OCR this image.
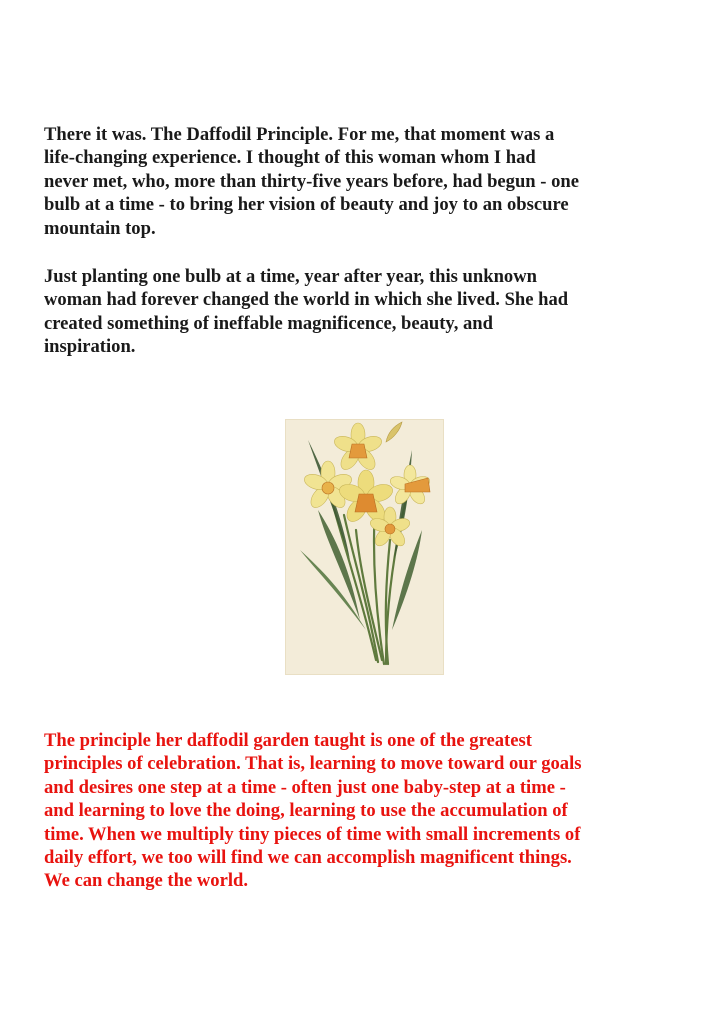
There it was. The Daffodil Principle. For me, that moment was a
life-changing experience. I thought of this woman whom I had
never met, who, more than thirty-five years before, had begun - one
bulb at a time - to bring her vision of beauty and joy to an obscure
mountain top.

Just planting one bulb at a time, year after year, this unknown
woman had forever changed the world in which she lived. She had
created something of ineffable magnificence, beauty, and
inspiration.

The principle her daffodil garden taught is one of the greatest
principles of celebration. That is, learning to move toward our goals
and desires one step at a time - often just one baby-step at a time -
and learning to love the doing, learning to use the accumulation of
time. When we multiply tiny pieces of time with small increments of
daily effort, we too will find we can accomplish magnificent things.
We can change the world.
